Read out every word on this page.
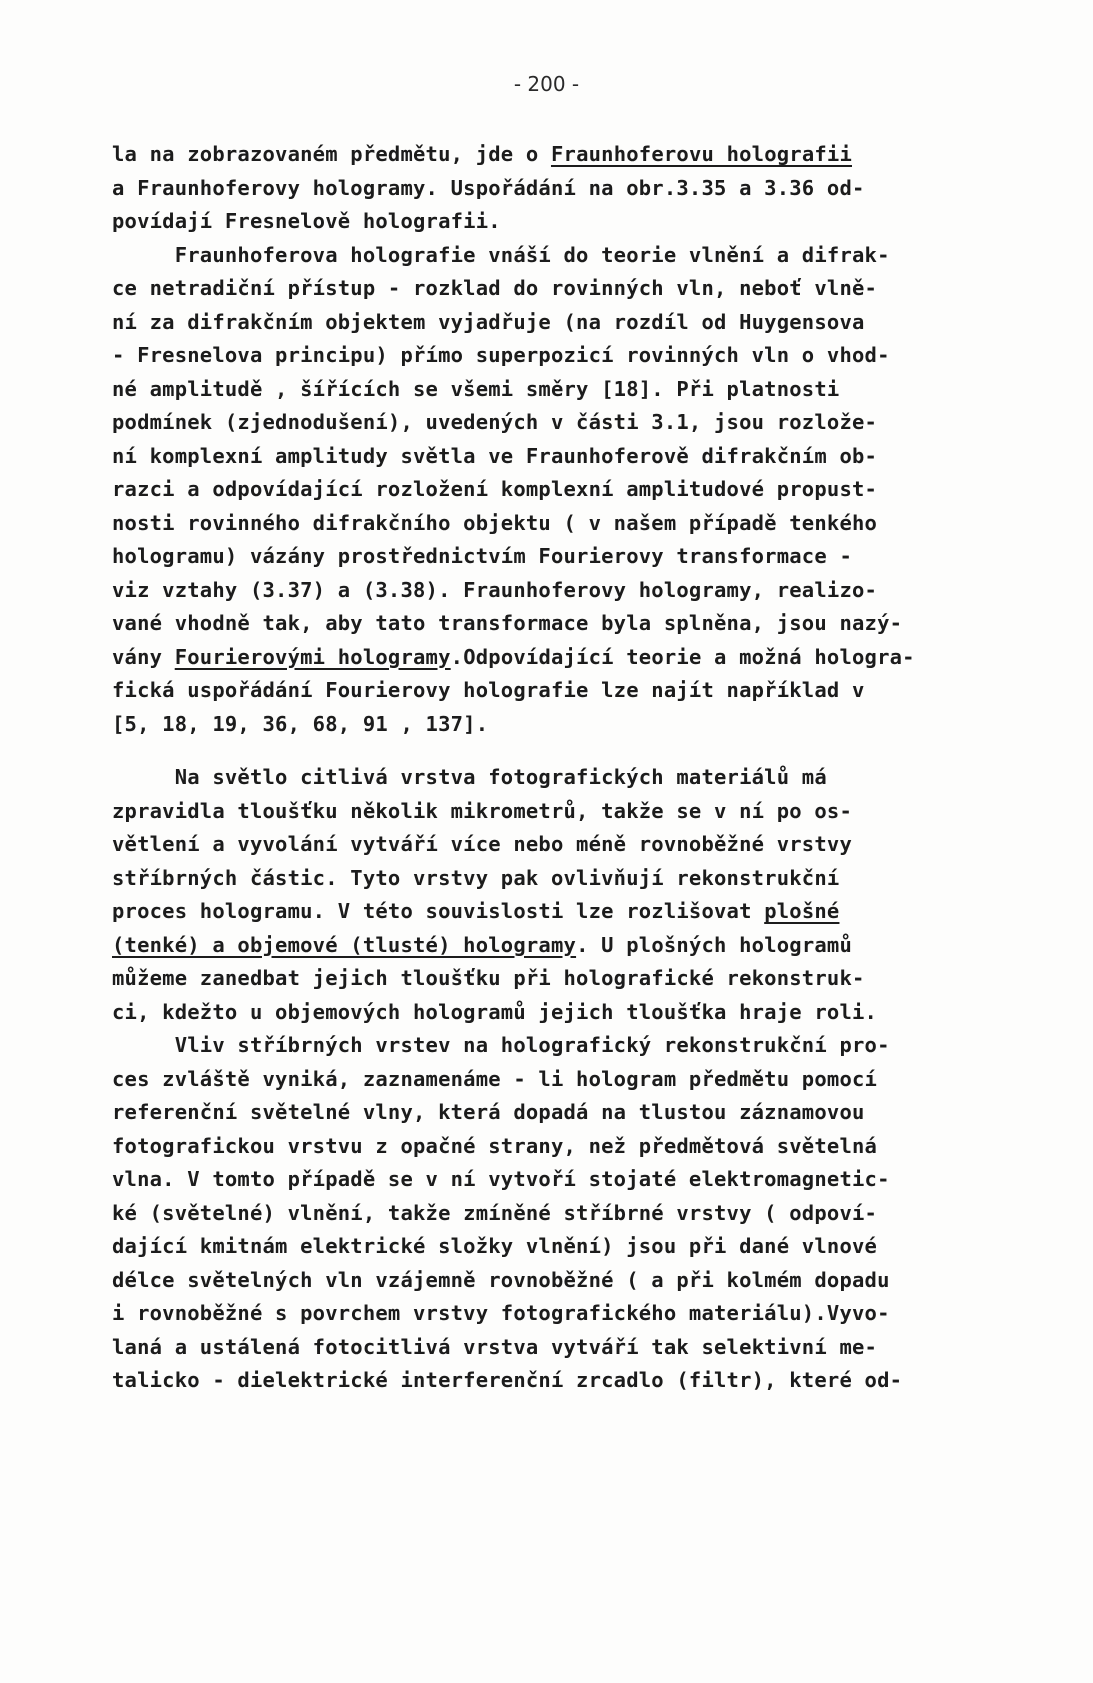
- 200 -
la na zobrazovaném předmětu, jde o Fraunhoferovu holografii
a Fraunhoferovy hologramy. Uspořádání na obr.3.35 a 3.36 od-
povídají Fresnelově holografii.
Fraunhoferova holografie vnáší do teorie vlnění a difrak-
ce netradiční přístup - rozklad do rovinných vln, neboť vlně-
ní za difrakčním objektem vyjadřuje (na rozdíl od Huygensova
- Fresnelova principu) přímo superpozicí rovinných vln o vhod-
né amplitudě , šířících se všemi směry [18]. Při platnosti
podmínek (zjednodušení), uvedených v části 3.1, jsou rozlože-
ní komplexní amplitudy světla ve Fraunhoferově difrakčním ob-
razci a odpovídající rozložení komplexní amplitudové propust-
nosti rovinného difrakčního objektu ( v našem případě tenkého
hologramu) vázány prostřednictvím Fourierovy transformace -
viz vztahy (3.37) a (3.38). Fraunhoferovy hologramy, realizo-
vané vhodně tak, aby tato transformace byla splněna, jsou nazý-
vány Fourierovými hologramy.Odpovídající teorie a možná hologra-
fická uspořádání Fourierovy holografie lze najít například v
[5, 18, 19, 36, 68, 91 , 137].
Na světlo citlivá vrstva fotografických materiálů má
zpravidla tloušťku několik mikrometrů, takže se v ní po os-
větlení a vyvolání vytváří více nebo méně rovnoběžné vrstvy
stříbrných částic. Tyto vrstvy pak ovlivňují rekonstrukční
proces hologramu. V této souvislosti lze rozlišovat plošné
(tenké) a objemové (tlusté) hologramy. U plošných hologramů
můžeme zanedbat jejich tloušťku při holografické rekonstruk-
ci, kdežto u objemových hologramů jejich tloušťka hraje roli.
Vliv stříbrných vrstev na holografický rekonstrukční pro-
ces zvláště vyniká, zaznamenáme - li hologram předmětu pomocí
referenční světelné vlny, která dopadá na tlustou záznamovou
fotografickou vrstvu z opačné strany, než předmětová světelná
vlna. V tomto případě se v ní vytvoří stojaté elektromagnetic-
ké (světelné) vlnění, takže zmíněné stříbrné vrstvy ( odpoví-
dající kmitnám elektrické složky vlnění) jsou při dané vlnové
délce světelných vln vzájemně rovnoběžné ( a při kolmém dopadu
i rovnoběžné s povrchem vrstvy fotografického materiálu).Vyvo-
laná a ustálená fotocitlivá vrstva vytváří tak selektivní me-
talicko - dielektrické interferenční zrcadlo (filtr), které od-
